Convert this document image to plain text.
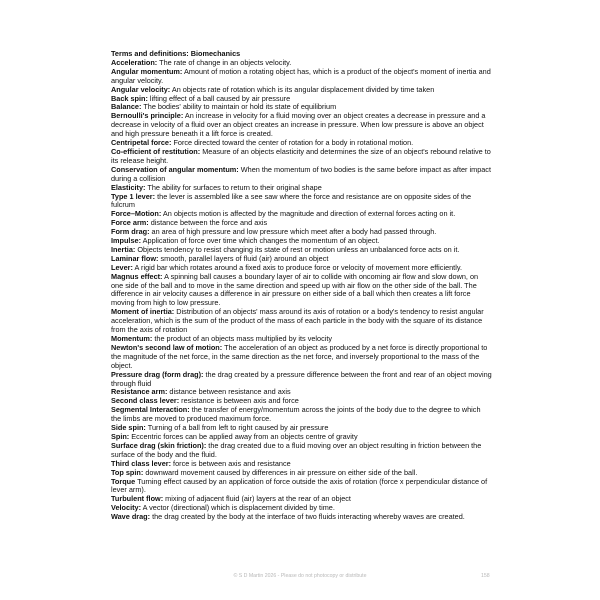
Terms and definitions: Biomechanics
Acceleration: The rate of change in an objects velocity.
Angular momentum: Amount of motion a rotating object has, which is a product of the object's moment of inertia and angular velocity.
Angular velocity: An objects rate of rotation which is its angular displacement divided by time taken
Back spin: lifting effect of a ball caused by air pressure
Balance: The bodies' ability to maintain or hold its state of equilibrium
Bernoulli's principle: An increase in velocity for a fluid moving over an object creates a decrease in pressure and a decrease in velocity of a fluid over an object creates an increase in pressure. When low pressure is above an object and high pressure beneath it a lift force is created.
Centripetal force: Force directed toward the center of rotation for a body in rotational motion.
Co-efficient of restitution: Measure of an objects elasticity and determines the size of an object's rebound relative to its release height.
Conservation of angular momentum: When the momentum of two bodies is the same before impact as after impact during a collision
Elasticity: The ability for surfaces to return to their original shape
Type 1 lever: the lever is assembled like a see saw where the force and resistance are on opposite sides of the fulcrum
Force–Motion: An objects motion is affected by the magnitude and direction of external forces acting on it.
Force arm: distance between the force and axis
Form drag: an area of high pressure and low pressure which meet after a body had passed through.
Impulse: Application of force over time which changes the momentum of an object.
Inertia: Objects tendency to resist changing its state of rest or motion unless an unbalanced force acts on it.
Laminar flow: smooth, parallel layers of fluid (air) around an object
Lever: A rigid bar which rotates around a fixed axis to produce force or velocity of movement more efficiently.
Magnus effect: A spinning ball causes a boundary layer of air to collide with oncoming air flow and slow down, on one side of the ball and to move in the same direction and speed up with air flow on the other side of the ball. The difference in air velocity causes a difference in air pressure on either side of a ball which then creates a lift force moving from high to low pressure.
Moment of inertia: Distribution of an objects' mass around its axis of rotation or a body's tendency to resist angular acceleration, which is the sum of the product of the mass of each particle in the body with the square of its distance from the axis of rotation
Momentum: the product of an objects mass multiplied by its velocity
Newton's second law of motion: The acceleration of an object as produced by a net force is directly proportional to the magnitude of the net force, in the same direction as the net force, and inversely proportional to the mass of the object.
Pressure drag (form drag): the drag created by a pressure difference between the front and rear of an object moving through fluid
Resistance arm: distance between resistance and axis
Second class lever: resistance is between axis and force
Segmental Interaction: the transfer of energy/momentum across the joints of the body due to the degree to which the limbs are moved to produced maximum force.
Side spin: Turning of a ball from left to right caused by air pressure
Spin: Eccentric forces can be applied away from an objects centre of gravity
Surface drag (skin friction): the drag created due to a fluid moving over an object resulting in friction between the surface of the body and the fluid.
Third class lever: force is between axis and resistance
Top spin: downward movement caused by differences in air pressure on either side of the ball.
Torque Turning effect caused by an application of force outside the axis of rotation (force x perpendicular distance of lever arm).
Turbulent flow: mixing of adjacent fluid (air) layers at the rear of an object
Velocity: A vector (directional) which is displacement divided by time.
Wave drag: the drag created by the body at the interface of two fluids interacting whereby waves are created.
© S D Martin 2026 - Please do not photocopy or distribute	158
